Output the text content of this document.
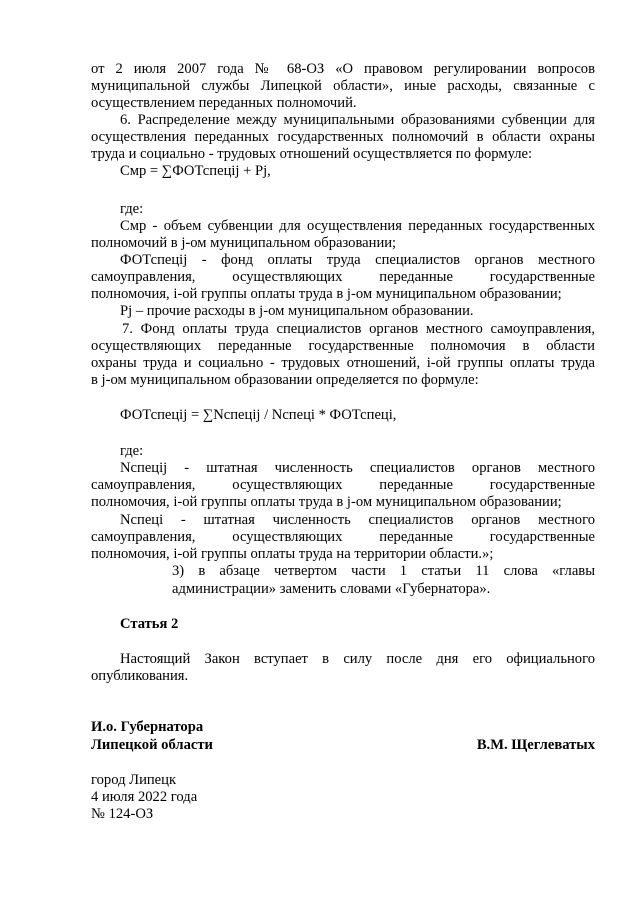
от 2 июля 2007 года № 68-ОЗ «О правовом регулировании вопросов
муниципальной службы Липецкой области», иные расходы, связанные с
осуществлением переданных полномочий.
6. Распределение между муниципальными образованиями субвенции для
осуществления переданных государственных полномочий в области охраны
труда и социально - трудовых отношений осуществляется по формуле:
Смр = ∑ФОТспецij + Pj,
где:
Смр - объем субвенции для осуществления переданных государственных
полномочий в j-ом муниципальном образовании;
ФОТспецij - фонд оплаты труда специалистов органов местного
самоуправления, осуществляющих переданные государственные
полномочия, i-ой группы оплаты труда в j-ом муниципальном образовании;
Pj – прочие расходы в j-ом муниципальном образовании.
7. Фонд оплаты труда специалистов органов местного самоуправления,
осуществляющих переданные государственные полномочия в области
охраны труда и социально - трудовых отношений, i-ой группы оплаты труда
в j-ом муниципальном образовании определяется по формуле:
ФОТспецij = ∑Nспецij / Nспецi * ФОТспецi,
где:
Nспецij - штатная численность специалистов органов местного
самоуправления, осуществляющих переданные государственные
полномочия, i-ой группы оплаты труда в j-ом муниципальном образовании;
Nспецi - штатная численность специалистов органов местного
самоуправления, осуществляющих переданные государственные
полномочия, i-ой группы оплаты труда на территории области.»;
3) в абзаце четвертом части 1 статьи 11 слова «главы
администрации» заменить словами «Губернатора».
Статья 2
Настоящий Закон вступает в силу после дня его официального
опубликования.
И.о. Губернатора
Липецкой области	В.М. Щеглеватых
город Липецк
4 июля 2022 года
№ 124-ОЗ
